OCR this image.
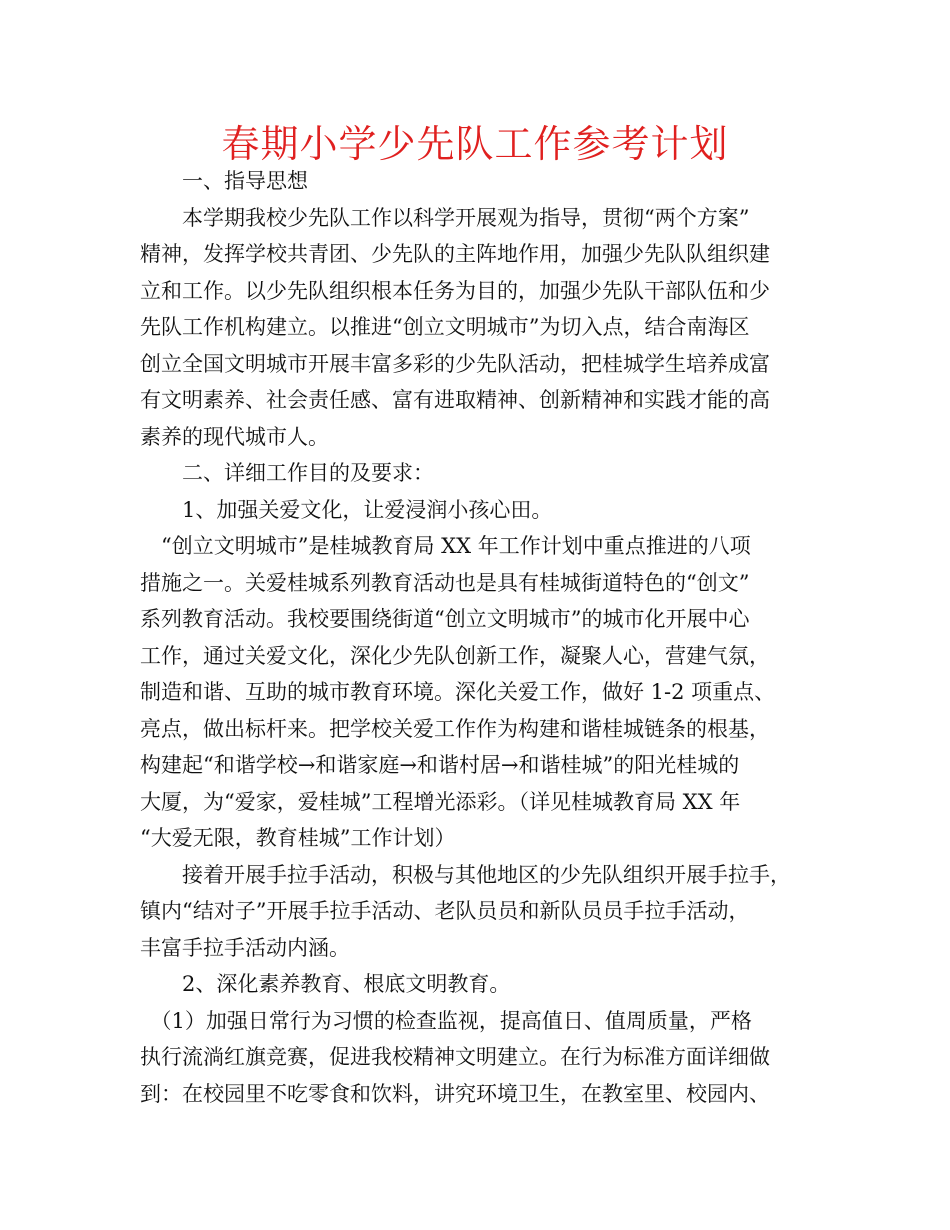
春期小学少先队工作参考计划
　　一、指导思想
　　本学期我校少先队工作以科学开展观为指导，贯彻“两个方案”
精神，发挥学校共青团、少先队的主阵地作用，加强少先队队组织建
立和工作。以少先队组织根本任务为目的，加强少先队干部队伍和少
先队工作机构建立。以推进“创立文明城市”为切入点，结合南海区
创立全国文明城市开展丰富多彩的少先队活动，把桂城学生培养成富
有文明素养、社会责任感、富有进取精神、创新精神和实践才能的高
素养的现代城市人。
　　二、详细工作目的及要求：
　　1、加强关爱文化，让爱浸润小孩心田。
　“创立文明城市”是桂城教育局 XX 年工作计划中重点推进的八项
措施之一。关爱桂城系列教育活动也是具有桂城街道特色的“创文”
系列教育活动。我校要围绕街道“创立文明城市”的城市化开展中心
工作，通过关爱文化，深化少先队创新工作，凝聚人心，营建气氛，
制造和谐、互助的城市教育环境。深化关爱工作，做好 1-2 项重点、
亮点，做出标杆来。把学校关爱工作作为构建和谐桂城链条的根基，
构建起“和谐学校→和谐家庭→和谐村居→和谐桂城”的阳光桂城的
大厦，为“爱家，爱桂城”工程增光添彩。（详见桂城教育局 XX 年
“大爱无限，教育桂城”工作计划）
　　接着开展手拉手活动，积极与其他地区的少先队组织开展手拉手，
镇内“结对子”开展手拉手活动、老队员员和新队员员手拉手活动，
丰富手拉手活动内涵。
　　2、深化素养教育、根底文明教育。
　（1）加强日常行为习惯的检查监视，提高值日、值周质量，严格
执行流淌红旗竞赛，促进我校精神文明建立。在行为标准方面详细做
到：在校园里不吃零食和饮料，讲究环境卫生，在教室里、校园内、
